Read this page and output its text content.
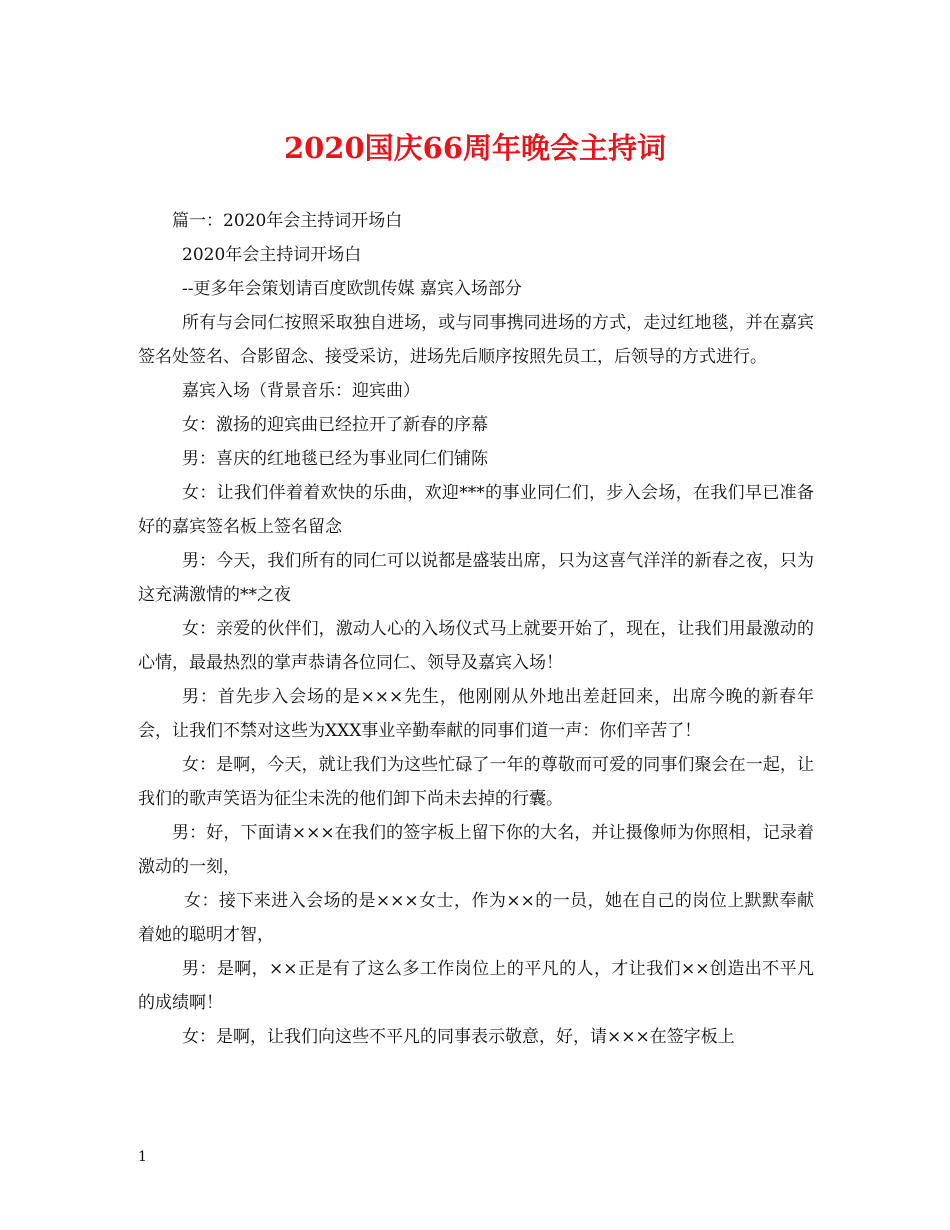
2020国庆66周年晚会主持词

篇一：2020年会主持词开场白

2020年会主持词开场白

--更多年会策划请百度欧凯传媒 嘉宾入场部分

所有与会同仁按照采取独自进场，或与同事携同进场的方式，走过红地毯，并在嘉宾签名处签名、合影留念、接受采访，进场先后顺序按照先员工，后领导的方式进行。

嘉宾入场（背景音乐：迎宾曲）

女：激扬的迎宾曲已经拉开了新春的序幕

男：喜庆的红地毯已经为事业同仁们铺陈

女：让我们伴着着欢快的乐曲，欢迎***的事业同仁们，步入会场，在我们早已准备好的嘉宾签名板上签名留念

男：今天，我们所有的同仁可以说都是盛装出席，只为这喜气洋洋的新春之夜，只为这充满激情的**之夜

女：亲爱的伙伴们，激动人心的入场仪式马上就要开始了，现在，让我们用最激动的心情，最最热烈的掌声恭请各位同仁、领导及嘉宾入场！

男：首先步入会场的是×××先生，他刚刚从外地出差赶回来，出席今晚的新春年会，让我们不禁对这些为XXX事业辛勤奉献的同事们道一声：你们辛苦了！

女：是啊，今天，就让我们为这些忙碌了一年的尊敬而可爱的同事们聚会在一起，让我们的歌声笑语为征尘未洗的他们卸下尚未去掉的行囊。

男：好，下面请×××在我们的签字板上留下你的大名，并让摄像师为你照相，记录着激动的一刻，

女：接下来进入会场的是×××女士，作为××的一员，她在自己的岗位上默默奉献着她的聪明才智，

男：是啊，××正是有了这么多工作岗位上的平凡的人，才让我们××创造出不平凡的成绩啊！

女：是啊，让我们向这些不平凡的同事表示敬意，好，请×××在签字板上

1
